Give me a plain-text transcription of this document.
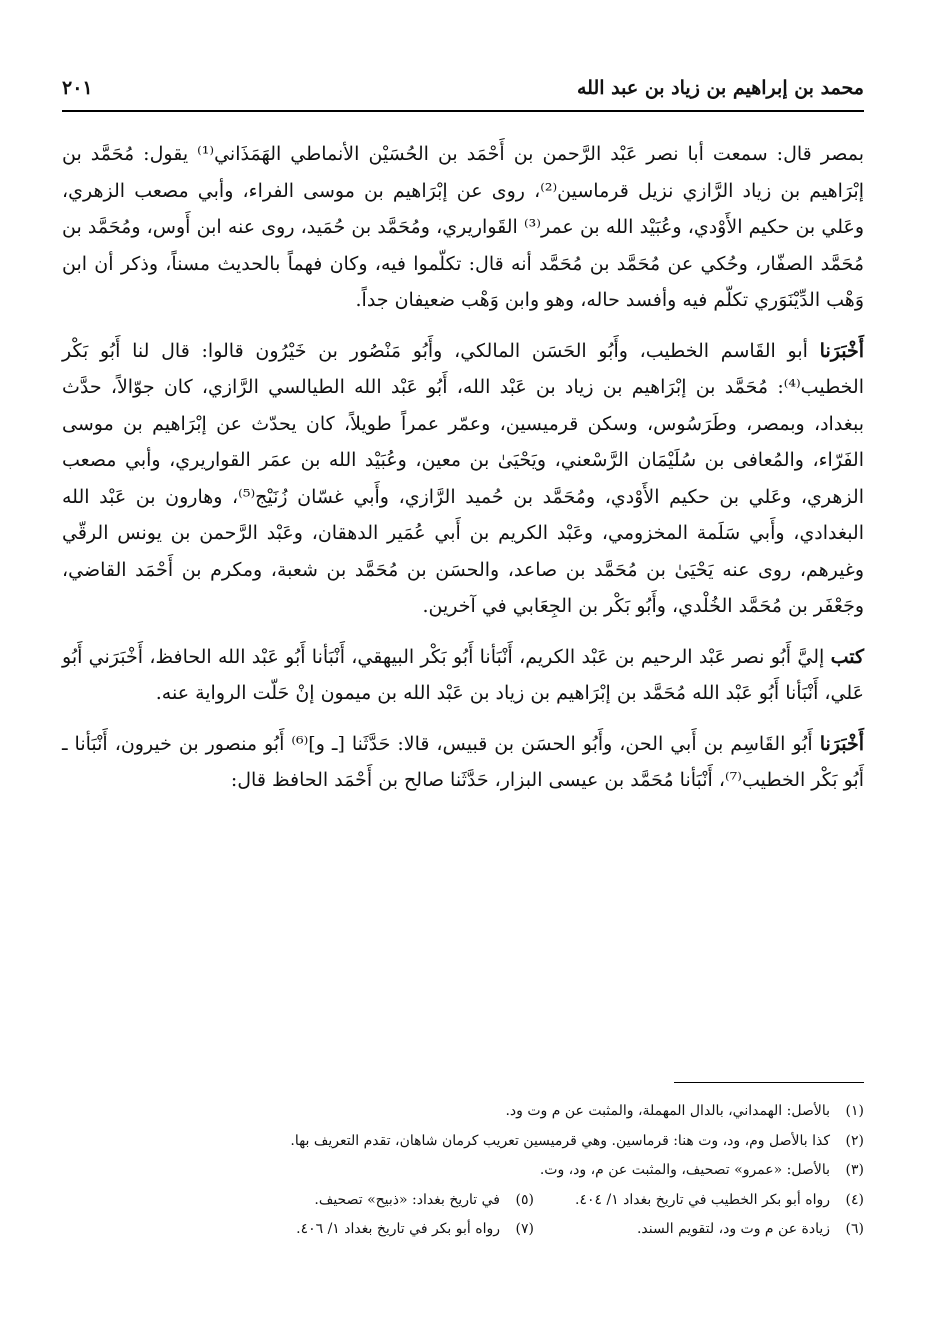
محمد بن إبراهيم بن زياد بن عبد الله
٢٠١

بمصر قال: سمعت أبا نصر عَبْد الرَّحمن بن أَحْمَد بن الحُسَيْن الأنماطي الهَمَذَاني⁽¹⁾ يقول: مُحَمَّد بن إبْرَاهيم بن زياد الرَّازي نزيل قرماسين⁽²⁾، روى عن إبْرَاهيم بن موسى الفراء، وأبي مصعب الزهري، وعَلي بن حكيم الأَوْدي، وعُبَيْد الله بن عمر⁽³⁾ القَواريري، ومُحَمَّد بن حُمَيد، روى عنه ابن أَوس، ومُحَمَّد بن مُحَمَّد الصفّار، وحُكي عن مُحَمَّد بن مُحَمَّد أنه قال: تكلّموا فيه، وكان فهماً بالحديث مسناً، وذكر أن ابن وَهْب الدِّيْنَوَري تكلّم فيه وأفسد حاله، وهو وابن وَهْب ضعيفان جداً.

أَخْبَرَنا أبو القَاسم الخطيب، وأَبُو الحَسَن المالكي، وأَبُو مَنْصُور بن خَيْرُون قالوا: قال لنا أَبُو بَكْر الخطيب⁽⁴⁾: مُحَمَّد بن إبْرَاهيم بن زياد بن عَبْد الله، أَبُو عَبْد الله الطيالسي الرَّازي، كان جوّالاً، حدَّث ببغداد، وبمصر، وطَرَسُوس، وسكن قرميسين، وعمّر عمراً طويلاً، كان يحدّث عن إبْرَاهيم بن موسى الفَرّاء، والمُعافى بن سُلَيْمَان الرَّسْعني، ويَحْيَىٰ بن معين، وعُبَيْد الله بن عمَر القواريري، وأبي مصعب الزهري، وعَلي بن حكيم الأَوْدي، ومُحَمَّد بن حُميد الرَّازي، وأَبي غسّان زُنَيْج⁽⁵⁾، وهارون بن عَبْد الله البغدادي، وأَبي سَلَمة المخزومي، وعَبْد الكريم بن أَبي عُمَير الدهقان، وعَبْد الرَّحمن بن يونس الرقّي وغيرهم، روى عنه يَحْيَىٰ بن مُحَمَّد بن صاعد، والحسَن بن مُحَمَّد بن شعبة، ومكرم بن أَحْمَد القاضي، وجَعْفَر بن مُحَمَّد الخُلْدي، وأَبُو بَكْر بن الجِعَابي في آخرين.

كتب إليَّ أَبُو نصر عَبْد الرحيم بن عَبْد الكريم، أَنْبَأنا أَبُو بَكْر البيهقي، أَنْبَأنا أَبُو عَبْد الله الحافظ، أَخْبَرَني أَبُو عَلي، أَنْبَأنا أَبُو عَبْد الله مُحَمَّد بن إبْرَاهيم بن زياد بن عَبْد الله بن ميمون إنْ حَلّت الرواية عنه.

أَخْبَرَنا أَبُو القَاسِم بن أَبي الحن، وأَبُو الحسَن بن قبيس، قالا: حَدَّثَنا [ـ و]⁽⁶⁾ أَبُو منصور بن خيرون، أَنْبَأنا ـ أَبُو بَكْر الخطيب⁽⁷⁾، أَنْبَأنا مُحَمَّد بن عيسى البزار، حَدَّثَنا صالح بن أَحْمَد الحافظ قال:

(١)
بالأصل: الهمداني، بالدال المهملة، والمثبت عن م وت ود.
(٢)
كذا بالأصل وم، ود، وت هنا: قرماسين. وهي قرميسين تعريب كرمان شاهان، تقدم التعريف بها.
(٣)
بالأصل: «عمرو» تصحيف، والمثبت عن م، ود، وت.
(٤)
رواه أبو بكر الخطيب في تاريخ بغداد ١/ ٤٠٤.
(٥)
في تاريخ بغداد: «ذبيح» تصحيف.
(٦)
زيادة عن م وت ود، لتقويم السند.
(٧)
رواه أبو بكر في تاريخ بغداد ١/ ٤٠٦.
